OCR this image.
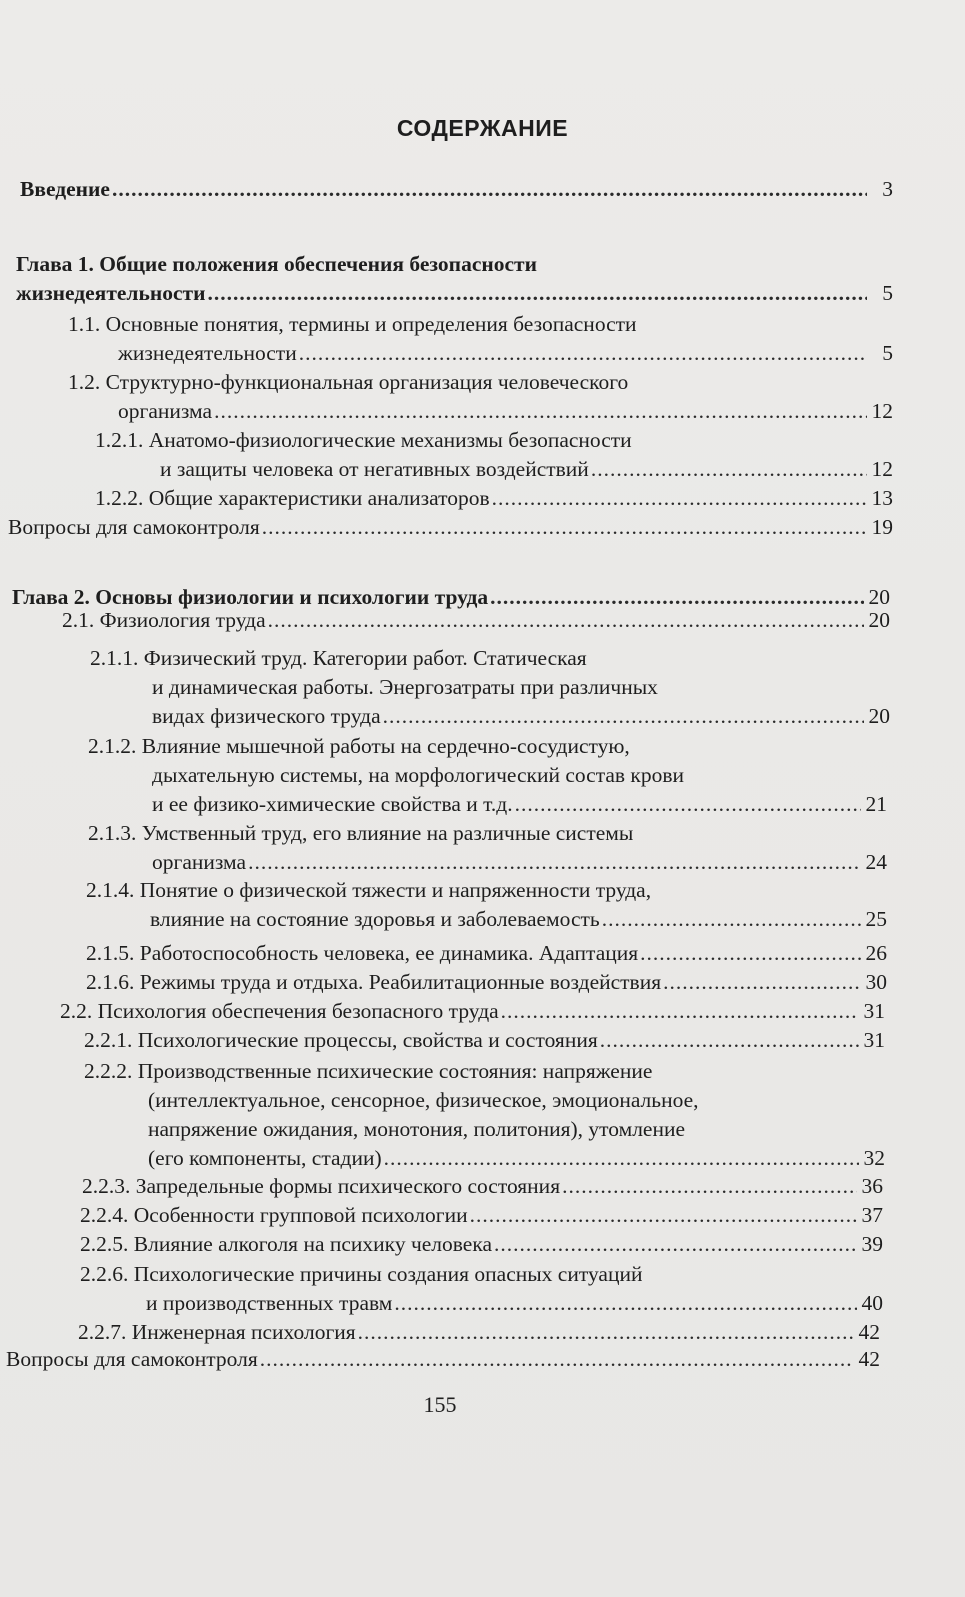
СОДЕРЖАНИЕ
Введение .....	3
Глава 1. Общие положения обеспечения безопасности
жизнедеятельности .....	5
1.1. Основные понятия, термины и определения безопасности
жизнедеятельности .....	5
1.2. Структурно-функциональная организация человеческого
организма .....	12
1.2.1. Анатомо-физиологические механизмы безопасности
и защиты человека от негативных воздействий .....	12
1.2.2. Общие характеристики анализаторов .....	13
Вопросы для самоконтроля .....	19
Глава 2. Основы физиологии и психологии труда .....	20
2.1. Физиология труда .....	20
2.1.1. Физический труд. Категории работ. Статическая
и динамическая работы. Энергозатраты при различных
видах физического труда .....	20
2.1.2. Влияние мышечной работы на сердечно-сосудистую,
дыхательную системы, на морфологический состав крови
и ее физико-химические свойства и т.д. .....	21
2.1.3. Умственный труд, его влияние на различные системы
организма .....	24
2.1.4. Понятие о физической тяжести и напряженности труда,
влияние на состояние здоровья и заболеваемость .....	25
2.1.5. Работоспособность человека, ее динамика. Адаптация .....	26
2.1.6. Режимы труда и отдыха. Реабилитационные воздействия .....	30
2.2. Психология обеспечения безопасного труда .....	31
2.2.1. Психологические процессы, свойства и состояния .....	31
2.2.2. Производственные психические состояния: напряжение
(интеллектуальное, сенсорное, физическое, эмоциональное,
напряжение ожидания, монотония, политония), утомление
(его компоненты, стадии) .....	32
2.2.3. Запредельные формы психического состояния .....	36
2.2.4. Особенности групповой психологии .....	37
2.2.5. Влияние алкоголя на психику человека .....	39
2.2.6. Психологические причины создания опасных ситуаций
и производственных травм .....	40
2.2.7. Инженерная психология .....	42
Вопросы для самоконтроля .....	42
155
